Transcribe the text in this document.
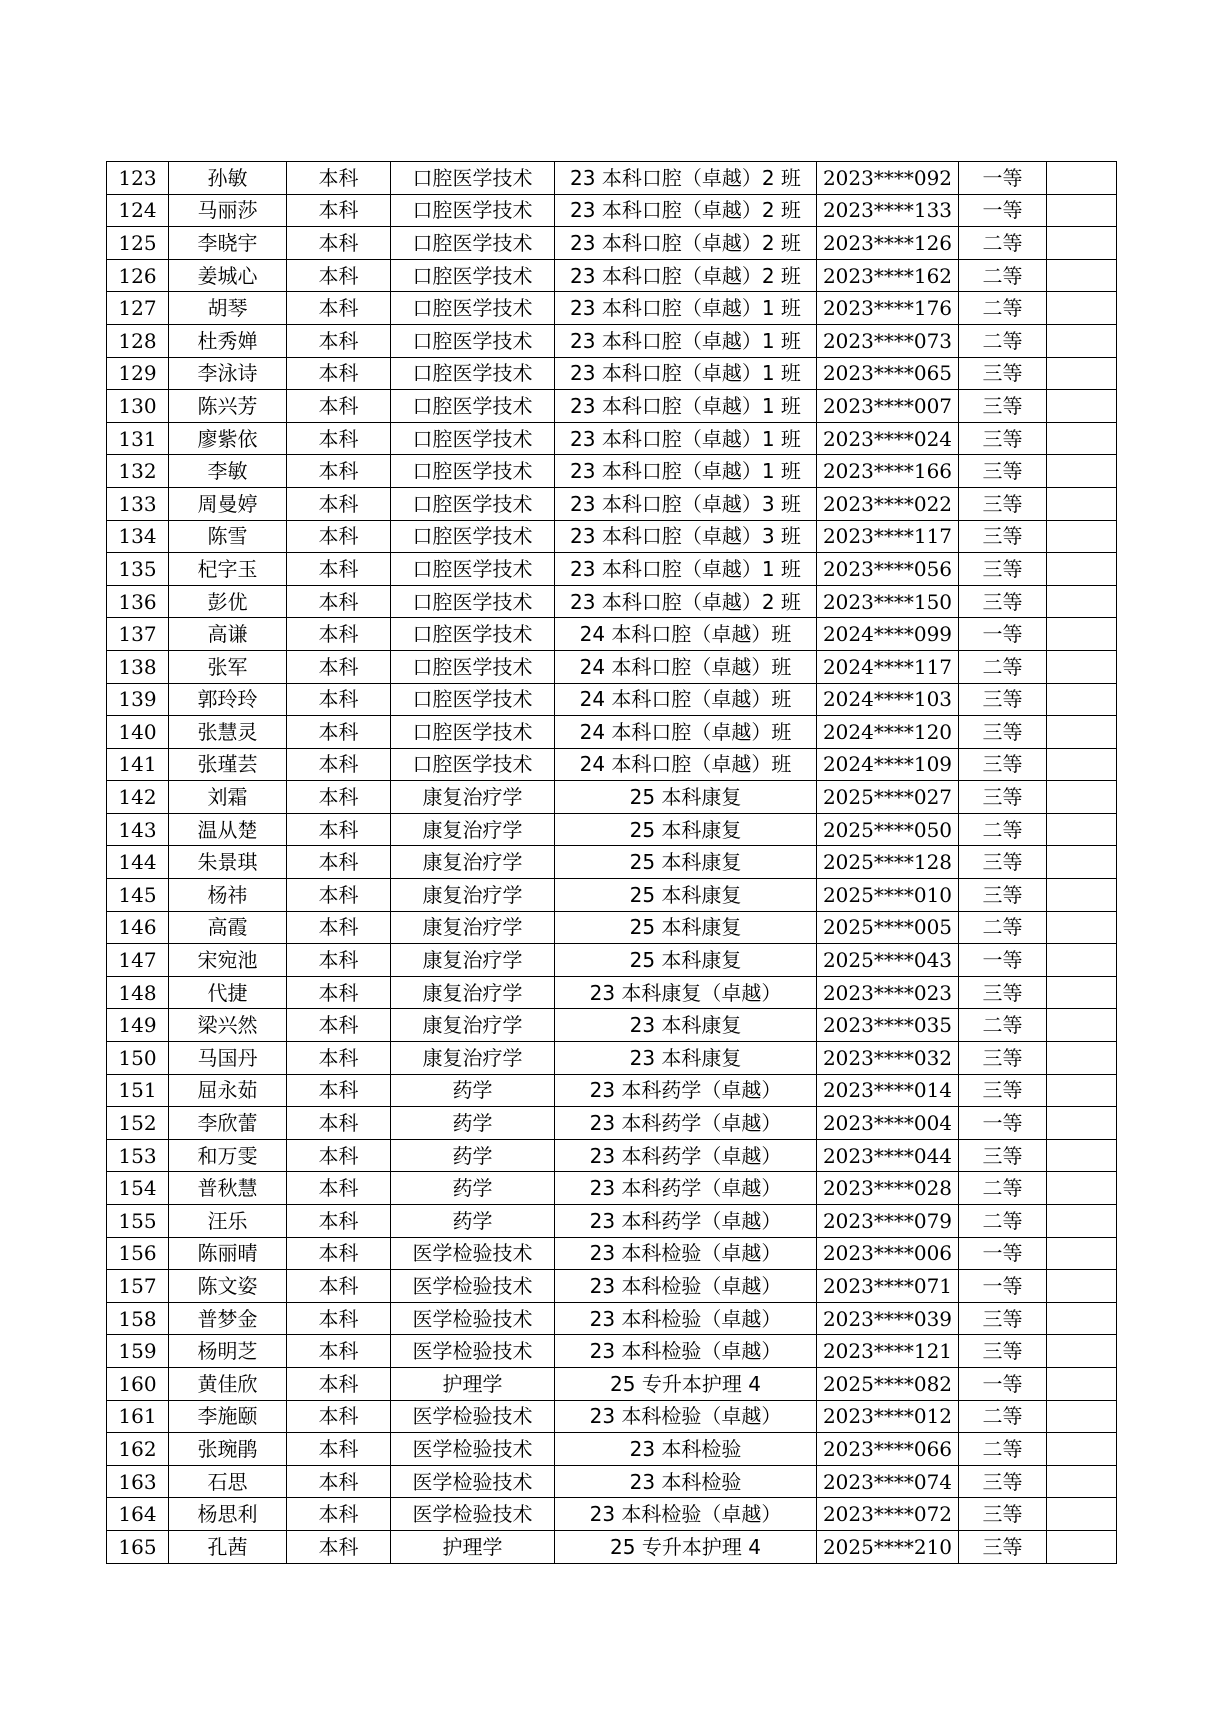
123	孙敏	本科	口腔医学技术	23 本科口腔（卓越）2 班	2023****092	一等	
124	马丽莎	本科	口腔医学技术	23 本科口腔（卓越）2 班	2023****133	一等	
125	李晓宇	本科	口腔医学技术	23 本科口腔（卓越）2 班	2023****126	二等	
126	姜城心	本科	口腔医学技术	23 本科口腔（卓越）2 班	2023****162	二等	
127	胡琴	本科	口腔医学技术	23 本科口腔（卓越）1 班	2023****176	二等	
128	杜秀婵	本科	口腔医学技术	23 本科口腔（卓越）1 班	2023****073	二等	
129	李泳诗	本科	口腔医学技术	23 本科口腔（卓越）1 班	2023****065	三等	
130	陈兴芳	本科	口腔医学技术	23 本科口腔（卓越）1 班	2023****007	三等	
131	廖紫依	本科	口腔医学技术	23 本科口腔（卓越）1 班	2023****024	三等	
132	李敏	本科	口腔医学技术	23 本科口腔（卓越）1 班	2023****166	三等	
133	周曼婷	本科	口腔医学技术	23 本科口腔（卓越）3 班	2023****022	三等	
134	陈雪	本科	口腔医学技术	23 本科口腔（卓越）3 班	2023****117	三等	
135	杞字玉	本科	口腔医学技术	23 本科口腔（卓越）1 班	2023****056	三等	
136	彭优	本科	口腔医学技术	23 本科口腔（卓越）2 班	2023****150	三等	
137	高谦	本科	口腔医学技术	24 本科口腔（卓越）班	2024****099	一等	
138	张军	本科	口腔医学技术	24 本科口腔（卓越）班	2024****117	二等	
139	郭玲玲	本科	口腔医学技术	24 本科口腔（卓越）班	2024****103	三等	
140	张慧灵	本科	口腔医学技术	24 本科口腔（卓越）班	2024****120	三等	
141	张瑾芸	本科	口腔医学技术	24 本科口腔（卓越）班	2024****109	三等	
142	刘霜	本科	康复治疗学	25 本科康复	2025****027	三等	
143	温从楚	本科	康复治疗学	25 本科康复	2025****050	二等	
144	朱景琪	本科	康复治疗学	25 本科康复	2025****128	三等	
145	杨祎	本科	康复治疗学	25 本科康复	2025****010	三等	
146	高霞	本科	康复治疗学	25 本科康复	2025****005	二等	
147	宋宛池	本科	康复治疗学	25 本科康复	2025****043	一等	
148	代捷	本科	康复治疗学	23 本科康复（卓越）	2023****023	三等	
149	梁兴然	本科	康复治疗学	23 本科康复	2023****035	二等	
150	马国丹	本科	康复治疗学	23 本科康复	2023****032	三等	
151	屈永茹	本科	药学	23 本科药学（卓越）	2023****014	三等	
152	李欣蕾	本科	药学	23 本科药学（卓越）	2023****004	一等	
153	和万雯	本科	药学	23 本科药学（卓越）	2023****044	三等	
154	普秋慧	本科	药学	23 本科药学（卓越）	2023****028	二等	
155	汪乐	本科	药学	23 本科药学（卓越）	2023****079	二等	
156	陈丽晴	本科	医学检验技术	23 本科检验（卓越）	2023****006	一等	
157	陈文姿	本科	医学检验技术	23 本科检验（卓越）	2023****071	一等	
158	普梦金	本科	医学检验技术	23 本科检验（卓越）	2023****039	三等	
159	杨明芝	本科	医学检验技术	23 本科检验（卓越）	2023****121	三等	
160	黄佳欣	本科	护理学	25 专升本护理 4	2025****082	一等	
161	李施颐	本科	医学检验技术	23 本科检验（卓越）	2023****012	二等	
162	张琬鹃	本科	医学检验技术	23 本科检验	2023****066	二等	
163	石思	本科	医学检验技术	23 本科检验	2023****074	三等	
164	杨思利	本科	医学检验技术	23 本科检验（卓越）	2023****072	三等	
165	孔茜	本科	护理学	25 专升本护理 4	2025****210	三等	
